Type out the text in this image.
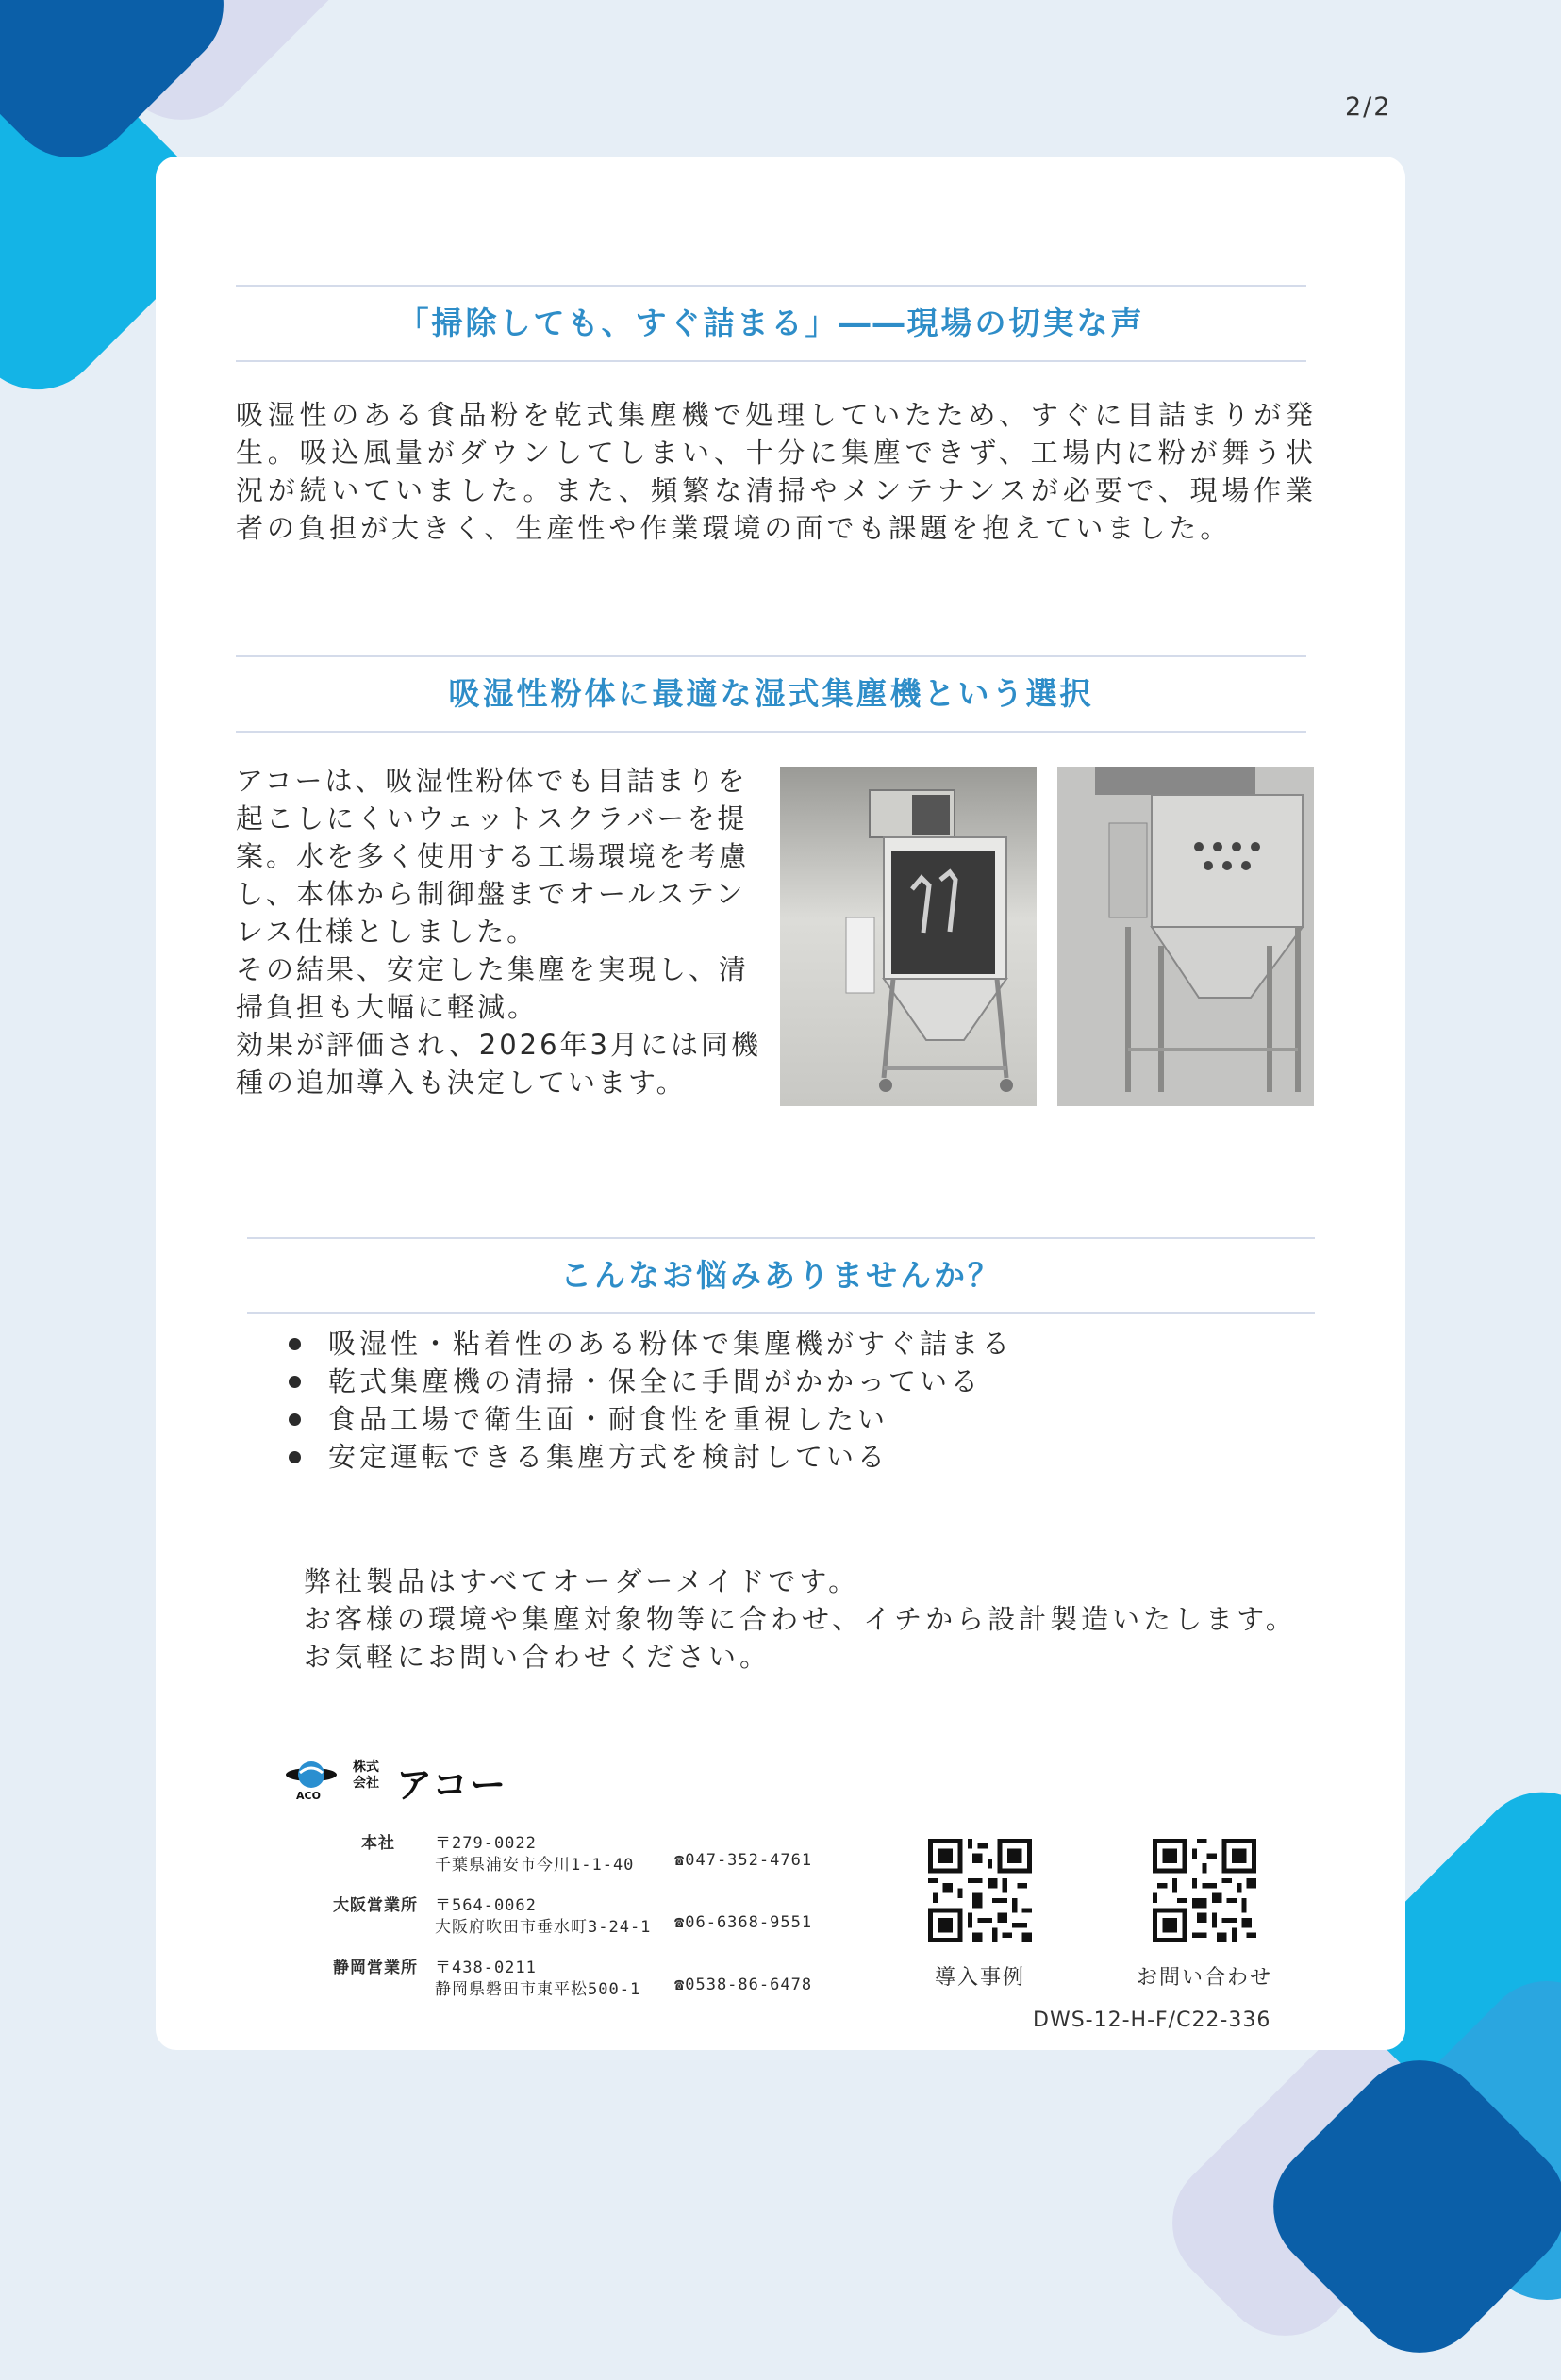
2/2
「掃除しても、すぐ詰まる」――現場の切実な声
吸湿性のある食品粉を乾式集塵機で処理していたため、すぐに目詰まりが発生。吸込風量がダウンしてしまい、十分に集塵できず、工場内に粉が舞う状況が続いていました。また、頻繁な清掃やメンテナンスが必要で、現場作業者の負担が大きく、生産性や作業環境の面でも課題を抱えていました。
吸湿性粉体に最適な湿式集塵機という選択
アコーは、吸湿性粉体でも目詰まりを
起こしにくいウェットスクラバーを提
案。水を多く使用する工場環境を考慮
し、本体から制御盤までオールステン
レス仕様としました。
その結果、安定した集塵を実現し、清
掃負担も大幅に軽減。
効果が評価され、2026年3月には同機
種の追加導入も決定しています。
こんなお悩みありませんか？
吸湿性・粘着性のある粉体で集塵機がすぐ詰まる
乾式集塵機の清掃・保全に手間がかかっている
食品工場で衛生面・耐食性を重視したい
安定運転できる集塵方式を検討している
弊社製品はすべてオーダーメイドです。
お客様の環境や集塵対象物等に合わせ、イチから設計製造いたします。
お気軽にお問い合わせください。
ACO
株式
会社 アコー
本社	〒279-0022
千葉県浦安市今川1-1-40	☎047-352-4761
大阪営業所	〒564-0062
大阪府吹田市垂水町3-24-1 ☎06-6368-9551
静岡営業所	〒438-0211
静岡県磐田市東平松500-1 ☎0538-86-6478	導入事例	お問い合わせ
DWS-12-H-F/C22-336
